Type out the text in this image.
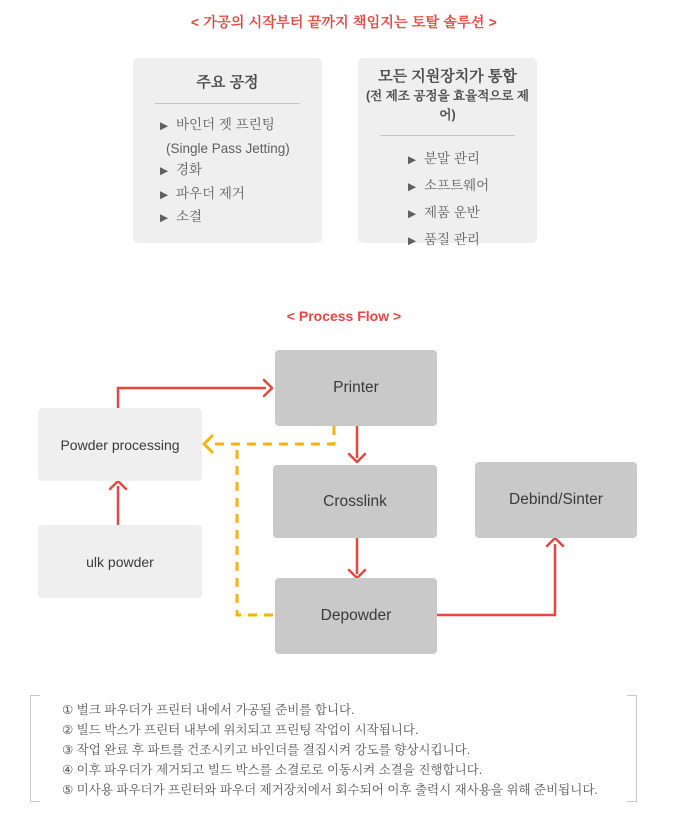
< 가공의 시작부터 끝까지 책임지는 토탈 솔루션 >
주요 공정
▶ 바인더 젯 프린팅
(Single Pass Jetting)
▶ 경화
▶ 파우더 제거
▶ 소결
모든 지원장치가 통합
(전 제조 공정을 효율적으로 제어)
▶ 분말 관리
▶ 소프트웨어
▶ 제품 운반
▶ 품질 관리
< Process Flow >
Printer
Crosslink
Depowder
Debind/Sinter
Powder processing
ulk powder
① 벌크 파우더가 프린터 내에서 가공될 준비를 합니다.
② 빌드 박스가 프린터 내부에 위치되고 프린팅 작업이 시작됩니다.
③ 작업 완료 후 파트를 건조시키고 바인더를 결집시켜 강도를 향상시킵니다.
④ 이후 파우더가 제거되고 빌드 박스를 소결로로 이동시켜 소결을 진행합니다.
⑤ 미사용 파우더가 프린터와 파우더 제거장치에서 회수되어 이후 출력시 재사용을 위해 준비됩니다.
